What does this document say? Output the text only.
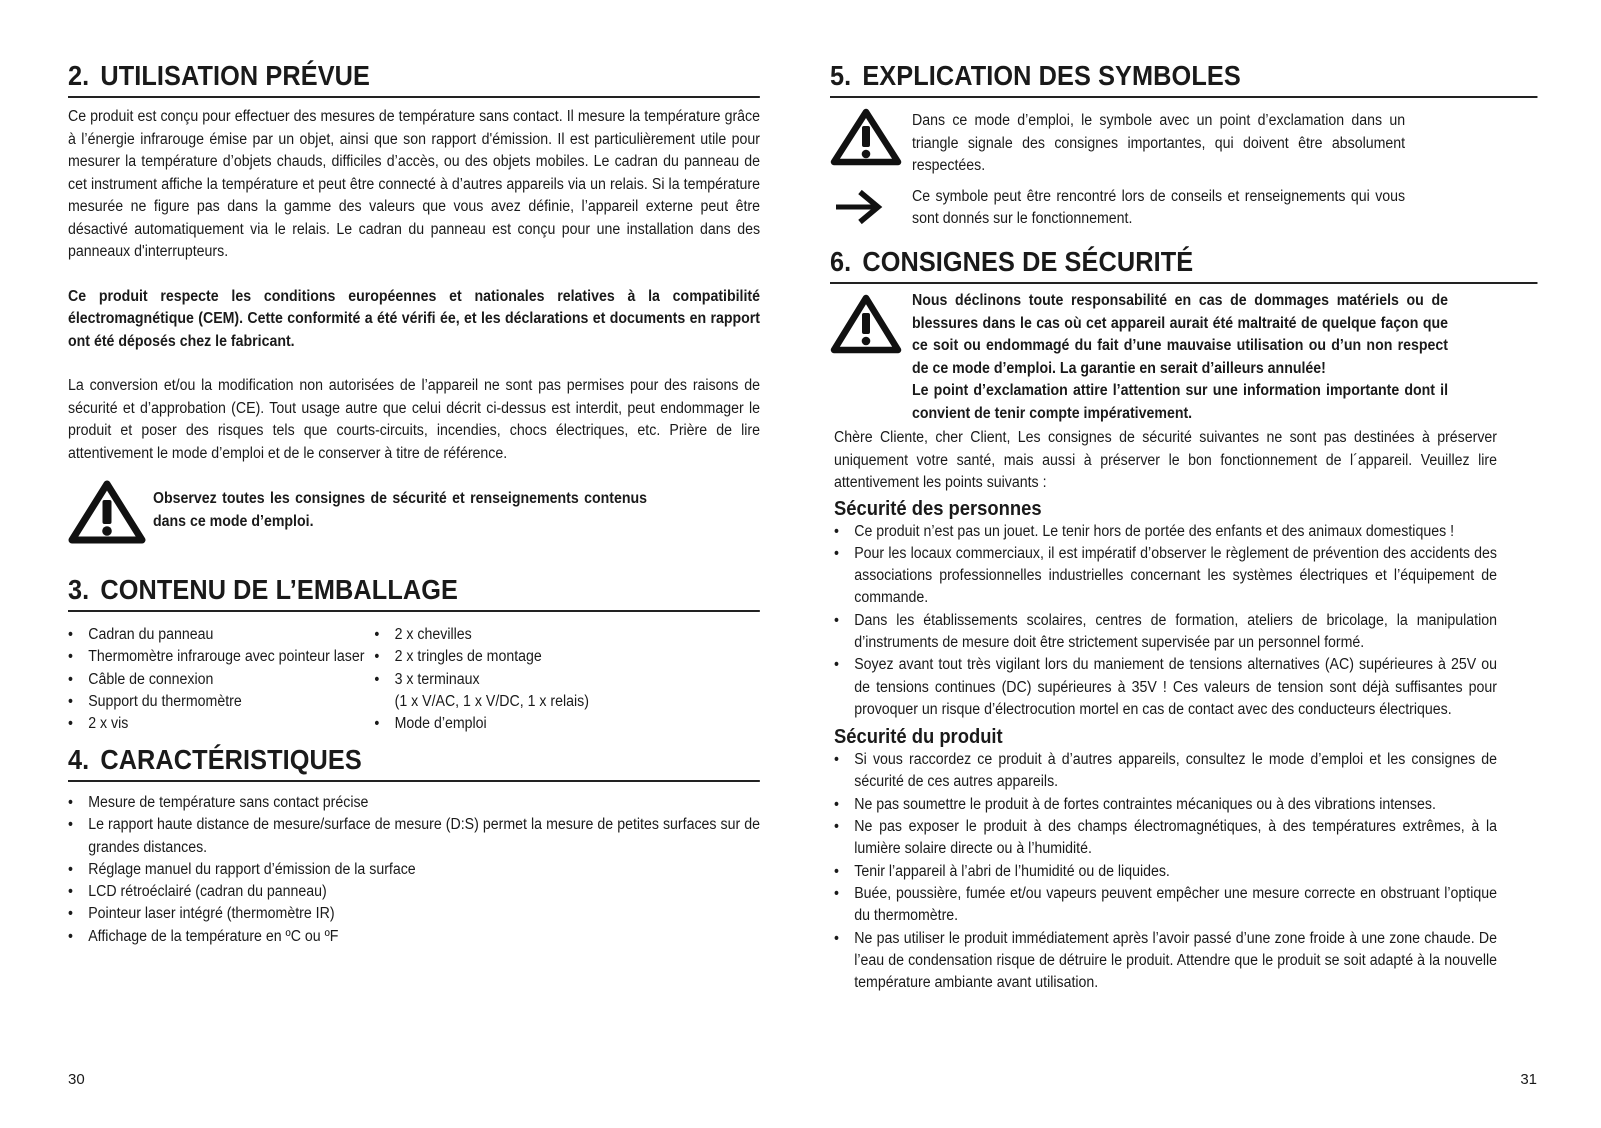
2. UTILISATION PRÉVUE

Ce produit est conçu pour effectuer des mesures de température sans contact. Il mesure la température grâce à l’énergie infrarouge émise par un objet, ainsi que son rapport d'émission. Il est particulièrement utile pour mesurer la température d’objets chauds, difficiles d’accès, ou des objets mobiles. Le cadran du panneau de cet instrument affiche la température et peut être connecté à d’autres appareils via un relais. Si la température mesurée ne figure pas dans la gamme des valeurs que vous avez définie, l’appareil externe peut être désactivé automatiquement via le relais. Le cadran du panneau est conçu pour une installation dans des panneaux d'interrupteurs.

Ce produit respecte les conditions européennes et nationales relatives à la compatibilité électromagnétique (CEM). Cette conformité a été vérifi ée, et les déclarations et documents en rapport ont été déposés chez le fabricant.

La conversion et/ou la modification non autorisées de l’appareil ne sont pas permises pour des raisons de sécurité et d’approbation (CE). Tout usage autre que celui décrit ci-dessus est interdit, peut endommager le produit et poser des risques tels que courts-circuits, incendies, chocs électriques, etc. Prière de lire attentivement le mode d’emploi et de le conserver à titre de référence.

Observez toutes les consignes de sécurité et renseignements contenus dans ce mode d’emploi.

3. CONTENU DE L’EMBALLAGE
• Cadran du panneau
• Thermomètre infrarouge avec pointeur laser
• Câble de connexion
• Support du thermomètre
• 2 x vis
• 2 x chevilles
• 2 x tringles de montage
• 3 x terminaux
(1 x V/AC, 1 x V/DC, 1 x relais)
• Mode d’emploi
4. CARACTÉRISTIQUES
• Mesure de température sans contact précise
• Le rapport haute distance de mesure/surface de mesure (D:S) permet la mesure de petites surfaces sur de grandes distances.
• Réglage manuel du rapport d’émission de la surface
• LCD rétroéclairé (cadran du panneau)
• Pointeur laser intégré (thermomètre IR)
• Affichage de la température en ºC ou ºF
30
5. EXPLICATION DES SYMBOLES

Dans ce mode d’emploi, le symbole avec un point d’exclamation dans un triangle signale des consignes importantes, qui doivent être absolument respectées.

Ce symbole peut être rencontré lors de conseils et renseignements qui vous sont donnés sur le fonctionnement.

6. CONSIGNES DE SÉCURITÉ

Nous déclinons toute responsabilité en cas de dommages matériels ou de blessures dans le cas où cet appareil aurait été maltraité de quelque façon que ce soit ou endommagé du fait d’une mauvaise utilisation ou d’un non respect de ce mode d’emploi. La garantie en serait d’ailleurs annulée!

Le point d’exclamation attire l’attention sur une information importante dont il convient de tenir compte impérativement.

Chère Cliente, cher Client, Les consignes de sécurité suivantes ne sont pas destinées à préserver uniquement votre santé, mais aussi à préserver le bon fonctionnement de l´appareil. Veuillez lire attentivement les points suivants :

Sécurité des personnes
• Ce produit n’est pas un jouet. Le tenir hors de portée des enfants et des animaux domestiques !
• Pour les locaux commerciaux, il est impératif d’observer le règlement de prévention des accidents des associations professionnelles industrielles concernant les systèmes électriques et l’équipement de commande.
• Dans les établissements scolaires, centres de formation, ateliers de bricolage, la manipulation d’instruments de mesure doit être strictement supervisée par un personnel formé.
• Soyez avant tout très vigilant lors du maniement de tensions alternatives (AC) supérieures à 25V ou de tensions continues (DC) supérieures à 35V ! Ces valeurs de tension sont déjà suffisantes pour provoquer un risque d’électrocution mortel en cas de contact avec des conducteurs électriques.
Sécurité du produit
• Si vous raccordez ce produit à d’autres appareils, consultez le mode d’emploi et les consignes de sécurité de ces autres appareils.
• Ne pas soumettre le produit à de fortes contraintes mécaniques ou à des vibrations intenses.
• Ne pas exposer le produit à des champs électromagnétiques, à des températures extrêmes, à la lumière solaire directe ou à l’humidité.
• Tenir l’appareil à l’abri de l’humidité ou de liquides.
• Buée, poussière, fumée et/ou vapeurs peuvent empêcher une mesure correcte en obstruant l’optique du thermomètre.
• Ne pas utiliser le produit immédiatement après l’avoir passé d’une zone froide à une zone chaude. De l’eau de condensation risque de détruire le produit. Attendre que le produit se soit adapté à la nouvelle température ambiante avant utilisation.
31
